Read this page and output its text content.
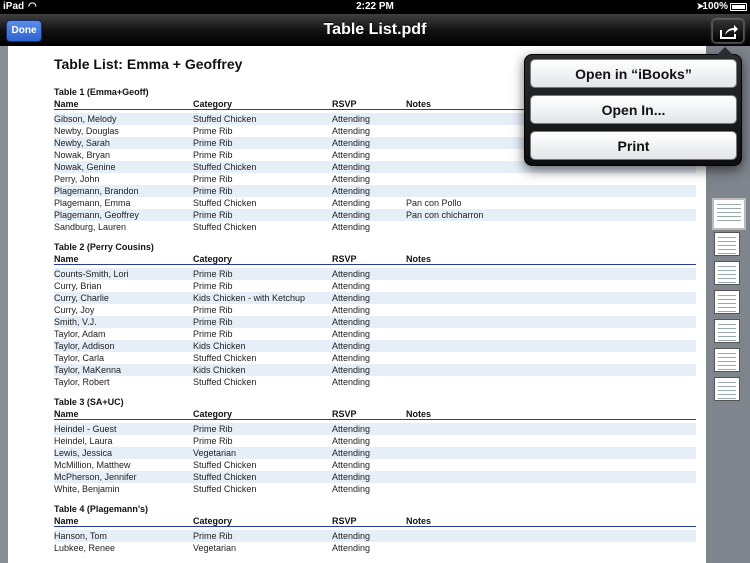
iPad ◠	2:22 PM	➤
100%
Done	Table List.pdf
Table List: Emma + Geoffrey
Table 1 (Emma+Geoff)
Name	Category	RSVP	Notes
Gibson, Melody	Stuffed Chicken	Attending
Newby, Douglas	Prime Rib	Attending
Newby, Sarah	Prime Rib	Attending
Nowak, Bryan	Prime Rib	Attending
Nowak, Genine	Stuffed Chicken	Attending
Perry, John	Prime Rib	Attending
Plagemann, Brandon	Prime Rib	Attending
Plagemann, Emma	Stuffed Chicken	Attending	Pan con Pollo
Plagemann, Geoffrey	Prime Rib	Attending	Pan con chicharron
Sandburg, Lauren	Stuffed Chicken	Attending
Table 2 (Perry Cousins)
Name	Category	RSVP	Notes
Counts-Smith, Lori	Prime Rib	Attending
Curry, Brian	Prime Rib	Attending
Curry, Charlie	Kids Chicken - with Ketchup	Attending
Curry, Joy	Prime Rib	Attending
Smith, V.J.	Prime Rib	Attending
Taylor, Adam	Prime Rib	Attending
Taylor, Addison	Kids Chicken	Attending
Taylor, Carla	Stuffed Chicken	Attending
Taylor, MaKenna	Kids Chicken	Attending
Taylor, Robert	Stuffed Chicken	Attending
Table 3 (SA+UC)
Name	Category	RSVP	Notes
Heindel - Guest	Prime Rib	Attending
Heindel, Laura	Prime Rib	Attending
Lewis, Jessica	Vegetarian	Attending
McMillion, Matthew	Stuffed Chicken	Attending
McPherson, Jennifer	Stuffed Chicken	Attending
White, Benjamin	Stuffed Chicken	Attending
Table 4 (Plagemann's)
Name	Category	RSVP	Notes
Hanson, Tom	Prime Rib	Attending
Lubkee, Renee	Vegetarian	Attending
Open in “iBooks”
Open In...
Print
